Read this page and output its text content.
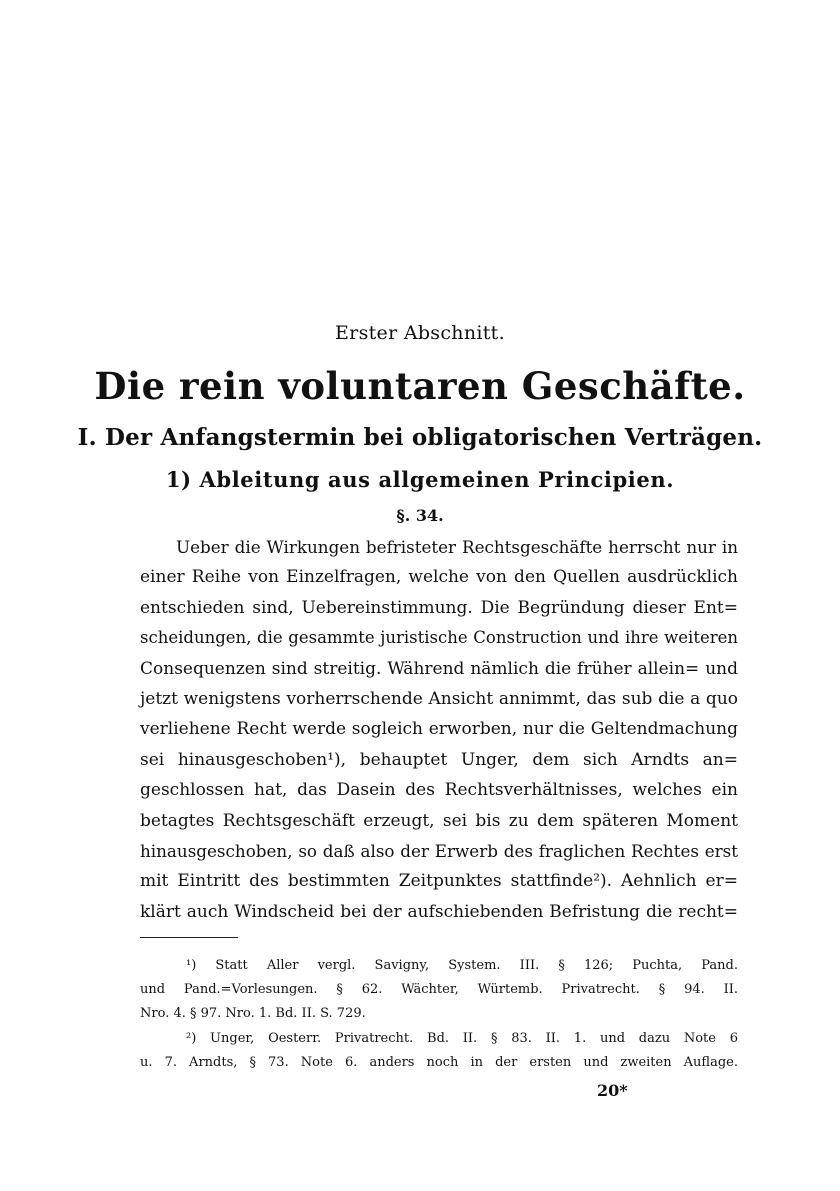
Erster Abschnitt.
Die rein voluntaren Geschäfte.
I. Der Anfangstermin bei obligatorischen Verträgen.
1) Ableitung aus allgemeinen Principien.
§. 34.
Ueber die Wirkungen befristeter Rechtsgeschäfte herrscht nur in
einer Reihe von Einzelfragen, welche von den Quellen ausdrücklich
entschieden sind, Uebereinstimmung. Die Begründung dieser Ent=
scheidungen, die gesammte juristische Construction und ihre weiteren
Consequenzen sind streitig. Während nämlich die früher allein= und
jetzt wenigstens vorherrschende Ansicht annimmt, das sub die a quo
verliehene Recht werde sogleich erworben, nur die Geltendmachung
sei hinausgeschoben¹), behauptet Unger, dem sich Arndts an=
geschlossen hat, das Dasein des Rechtsverhältnisses, welches ein
betagtes Rechtsgeschäft erzeugt, sei bis zu dem späteren Moment
hinausgeschoben, so daß also der Erwerb des fraglichen Rechtes erst
mit Eintritt des bestimmten Zeitpunktes stattfinde²). Aehnlich er=
klärt auch Windscheid bei der aufschiebenden Befristung die recht=
¹) Statt Aller vergl. Savigny, System. III. § 126; Puchta, Pand.
und Pand.=Vorlesungen. § 62. Wächter, Würtemb. Privatrecht. § 94. II.
Nro. 4. § 97. Nro. 1. Bd. II. S. 729.
²) Unger, Oesterr. Privatrecht. Bd. II. § 83. II. 1. und dazu Note 6
u. 7. Arndts, § 73. Note 6. anders noch in der ersten und zweiten Auflage.
20*
